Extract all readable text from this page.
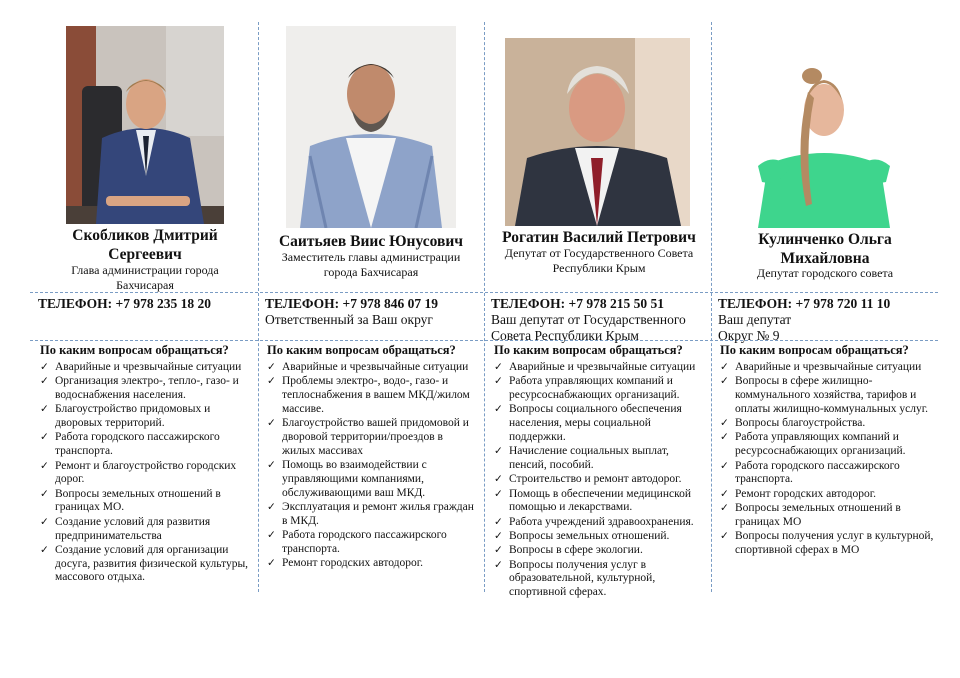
Скобликов Дмитрий Сергеевич
Глава администрации города Бахчисарая
ТЕЛЕФОН: +7 978 235 18 20
По каким вопросам обращаться?
✓ Аварийные и чрезвычайные ситуации
✓ Организация электро-, тепло-, газо- и водоснабжения населения.
✓ Благоустройство придомовых и дворовых территорий.
✓ Работа городского пассажирского транспорта.
✓ Ремонт и благоустройство городских дорог.
✓ Вопросы земельных отношений в границах МО.
✓ Создание условий для развития предпринимательства
✓ Создание условий для организации досуга, развития физической культуры, массового отдыха.
Саитьяев Виис Юнусович
Заместитель главы администрации города Бахчисарая
ТЕЛЕФОН: +7 978 846 07 19
Ответственный за Ваш округ
По каким вопросам обращаться?
✓ Аварийные и чрезвычайные ситуации
✓ Проблемы электро-, водо-, газо- и теплоснабжения в вашем МКД/жилом массиве.
✓ Благоустройство вашей придомовой и дворовой территории/проездов в жилых массивах
✓ Помощь во взаимодействии с управляющими компаниями, обслуживающими ваш МКД.
✓ Эксплуатация и ремонт жилья граждан в МКД.
✓ Работа городского пассажирского транспорта.
✓ Ремонт городских автодорог.
Рогатин Василий Петрович
Депутат от Государственного Совета Республики Крым
ТЕЛЕФОН: +7 978 215 50 51
Ваш депутат от Государственного Совета Республики Крым
По каким вопросам обращаться?
✓ Аварийные и чрезвычайные ситуации
✓ Работа управляющих компаний и ресурсоснабжающих организаций.
✓ Вопросы социального обеспечения населения, меры социальной поддержки.
✓ Начисление социальных выплат, пенсий, пособий.
✓ Строительство и ремонт автодорог.
✓ Помощь в обеспечении медицинской помощью и лекарствами.
✓ Работа учреждений здравоохранения.
✓ Вопросы земельных отношений.
✓ Вопросы в сфере экологии.
✓ Вопросы получения услуг в образовательной, культурной, спортивной сферах.
Кулинченко Ольга Михайловна
Депутат городского совета
ТЕЛЕФОН: +7 978 720 11 10
Ваш депутат
Округ № 9
По каким вопросам обращаться?
✓ Аварийные и чрезвычайные ситуации
✓ Вопросы в сфере жилищно-коммунального хозяйства, тарифов и оплаты жилищно-коммунальных услуг.
✓ Вопросы благоустройства.
✓ Работа управляющих компаний и ресурсоснабжающих организаций.
✓ Работа городского пассажирского транспорта.
✓ Ремонт городских автодорог.
✓ Вопросы земельных отношений в границах МО
✓ Вопросы получения услуг в культурной, спортивной сферах в МО
